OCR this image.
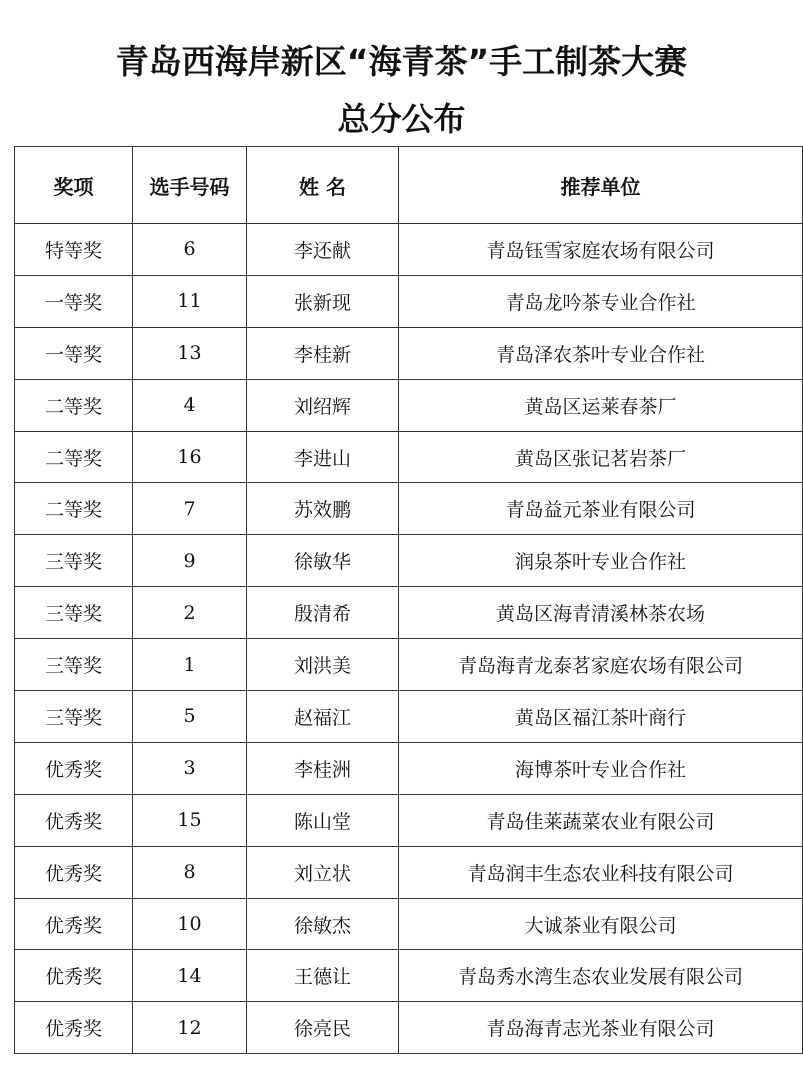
青岛西海岸新区“海青茶”手工制茶大赛
总分公布
奖项	选手号码	姓 名	推荐单位
特等奖	6	李还献	青岛钰雪家庭农场有限公司
一等奖	11	张新现	青岛龙吟茶专业合作社
一等奖	13	李桂新	青岛泽农茶叶专业合作社
二等奖	4	刘绍辉	黄岛区运莱春茶厂
二等奖	16	李进山	黄岛区张记茗岩茶厂
二等奖	7	苏效鹏	青岛益元茶业有限公司
三等奖	9	徐敏华	润泉茶叶专业合作社
三等奖	2	殷清希	黄岛区海青清溪林茶农场
三等奖	1	刘洪美	青岛海青龙泰茗家庭农场有限公司
三等奖	5	赵福江	黄岛区福江茶叶商行
优秀奖	3	李桂洲	海博茶叶专业合作社
优秀奖	15	陈山堂	青岛佳莱蔬菜农业有限公司
优秀奖	8	刘立状	青岛润丰生态农业科技有限公司
优秀奖	10	徐敏杰	大诚茶业有限公司
优秀奖	14	王德让	青岛秀水湾生态农业发展有限公司
优秀奖	12	徐亮民	青岛海青志光茶业有限公司
